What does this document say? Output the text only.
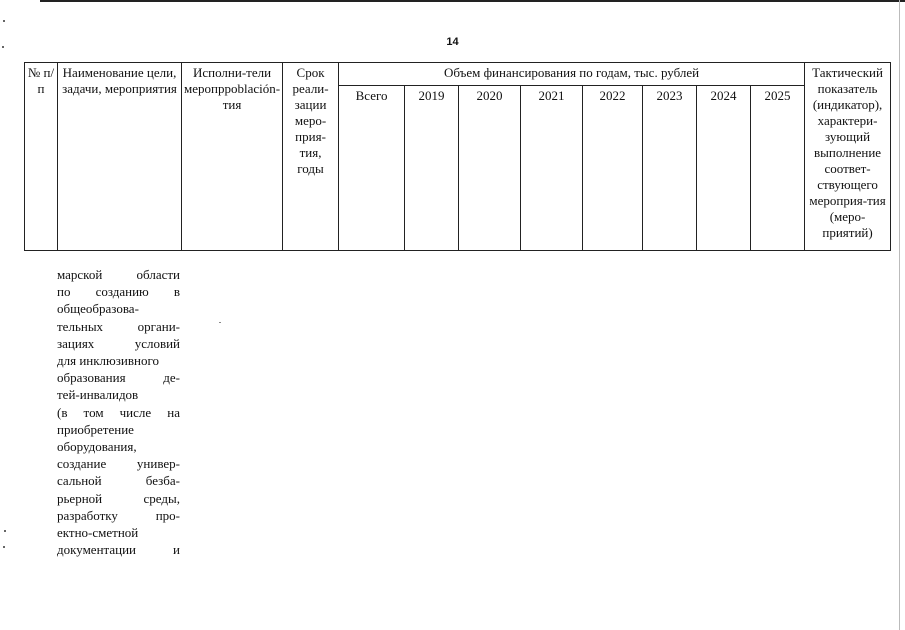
14
№ п/п	Наименование цели, задачи, мероприятия	Исполни-тели меропрpoblación-тия	Срок реали-зации меро-прия-тия, годы	Объем финансирования по годам, тыс. рублей								Тактический показатель (индикатор), характери-зующий выполнение соответ-ствующего мероприя-тия (меро-приятий)
				Всего	2019	2020	2021	2022	2023	2024	2025	
марской области
по созданию в
общеобразова-
тельных органи-
зациях условий
для инклюзивного
образования де-
тей-инвалидов
(в том числе на
приобретение
оборудования,
создание универ-
сальной безба-
рьерной среды,
разработку про-
ектно-сметной
документации и
